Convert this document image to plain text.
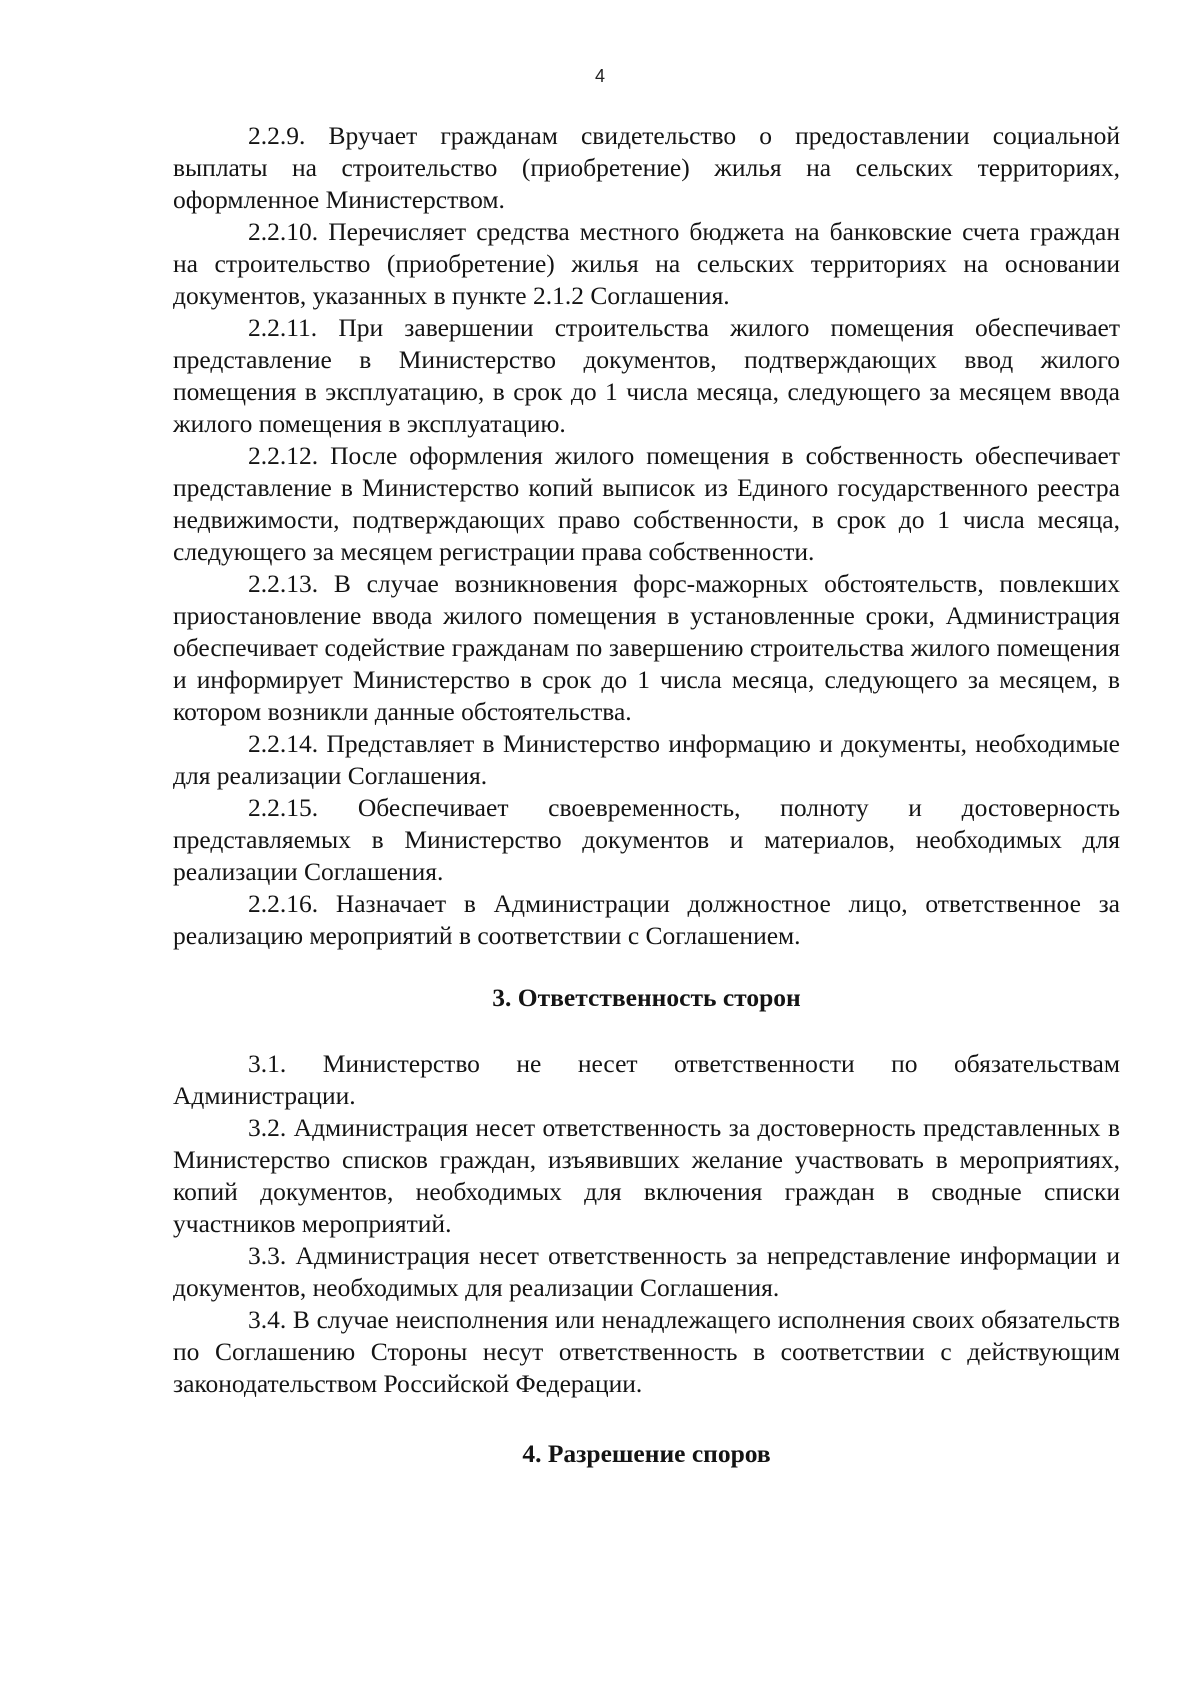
4

2.2.9. Вручает гражданам свидетельство о предоставлении социальной выплаты на строительство (приобретение) жилья на сельских территориях, оформленное Министерством.

2.2.10. Перечисляет средства местного бюджета на банковские счета граждан на строительство (приобретение) жилья на сельских территориях на основании документов, указанных в пункте 2.1.2 Соглашения.

2.2.11. При завершении строительства жилого помещения обеспечивает представление в Министерство документов, подтверждающих ввод жилого помещения в эксплуатацию, в срок до 1 числа месяца, следующего за месяцем ввода жилого помещения в эксплуатацию.

2.2.12. После оформления жилого помещения в собственность обеспечивает представление в Министерство копий выписок из Единого государственного реестра недвижимости, подтверждающих право собственности, в срок до 1 числа месяца, следующего за месяцем регистрации права собственности.

2.2.13. В случае возникновения форс-мажорных обстоятельств, повлекших приостановление ввода жилого помещения в установленные сроки, Администрация обеспечивает содействие гражданам по завершению строительства жилого помещения и информирует Министерство в срок до 1 числа месяца, следующего за месяцем, в котором возникли данные обстоятельства.

2.2.14. Представляет в Министерство информацию и документы, необходимые для реализации Соглашения.

2.2.15. Обеспечивает своевременность, полноту и достоверность представляемых в Министерство документов и материалов, необходимых для реализации Соглашения.

2.2.16. Назначает в Администрации должностное лицо, ответственное за реализацию мероприятий в соответствии с Соглашением.

3. Ответственность сторон

3.1. Министерство не несет ответственности по обязательствам Администрации.

3.2. Администрация несет ответственность за достоверность представленных в Министерство списков граждан, изъявивших желание участвовать в мероприятиях, копий документов, необходимых для включения граждан в сводные списки участников мероприятий.

3.3. Администрация несет ответственность за непредставление информации и документов, необходимых для реализации Соглашения.

3.4. В случае неисполнения или ненадлежащего исполнения своих обязательств по Соглашению Стороны несут ответственность в соответствии с действующим законодательством Российской Федерации.

4. Разрешение споров
